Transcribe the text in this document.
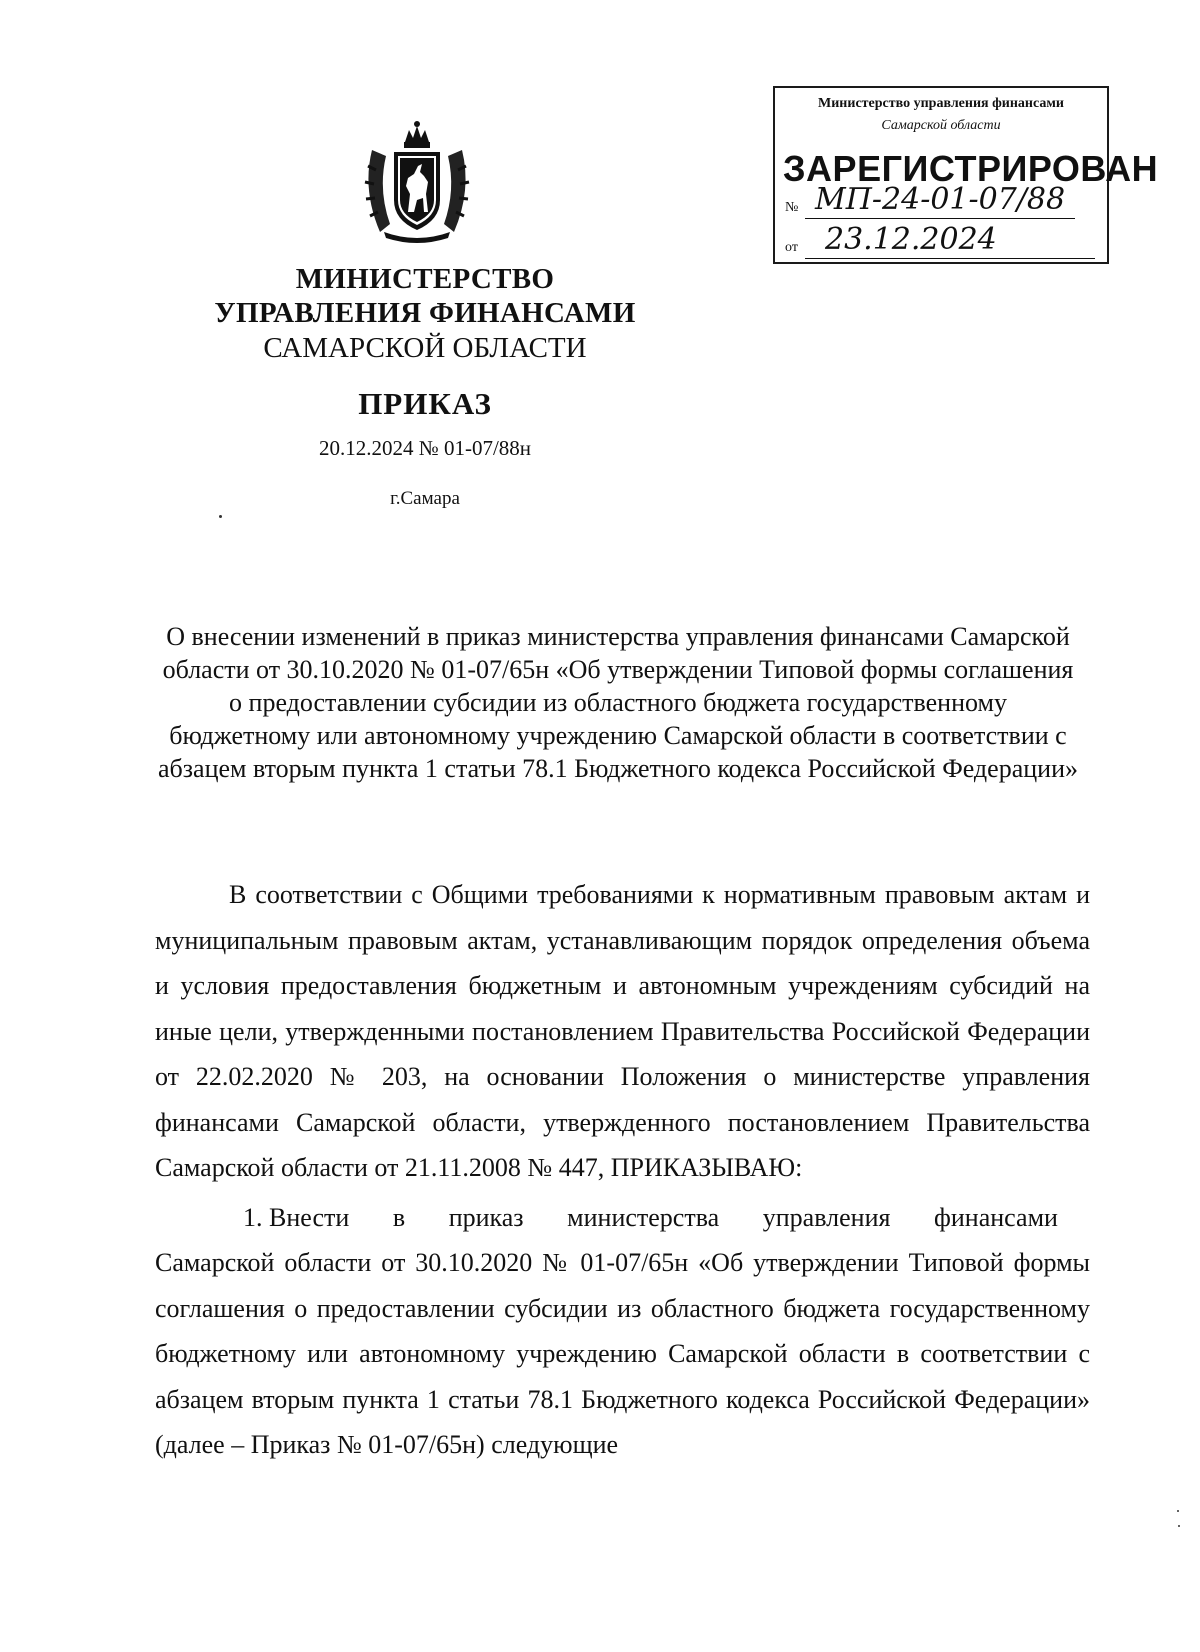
МИНИСТЕРСТВО
УПРАВЛЕНИЯ ФИНАНСАМИ
САМАРСКОЙ ОБЛАСТИ
ПРИКАЗ
20.12.2024 № 01-07/88н
г.Самара
Министерство управления финансами
Самарской области
ЗАРЕГИСТРИРОВАН
№ МП-24-01-07/88
от 23.12.2024
О внесении изменений в приказ министерства управления финансами Самарской области от 30.10.2020 № 01-07/65н «Об утверждении Типовой формы соглашения о предоставлении субсидии из областного бюджета государственному бюджетному или автономному учреждению Самарской области в соответствии с абзацем вторым пункта 1 статьи 78.1 Бюджетного кодекса Российской Федерации»

В соответствии с Общими требованиями к нормативным правовым актам и муниципальным правовым актам, устанавливающим порядок определения объема и условия предоставления бюджетным и автономным учреждениям субсидий на иные цели, утвержденными постановлением Правительства Российской Федерации от 22.02.2020 № 203, на основании Положения о министерстве управления финансами Самарской области, утвержденного постановлением Правительства Самарской области от 21.11.2008 № 447, ПРИКАЗЫВАЮ:

1. Внести в приказ министерства управления финансами
Самарской области от 30.10.2020 № 01-07/65н «Об утверждении Типовой формы соглашения о предоставлении субсидии из областного бюджета государственному бюджетному или автономному учреждению Самарской области в соответствии с абзацем вторым пункта 1 статьи 78.1 Бюджетного кодекса Российской Федерации» (далее – Приказ № 01-07/65н) следующие
